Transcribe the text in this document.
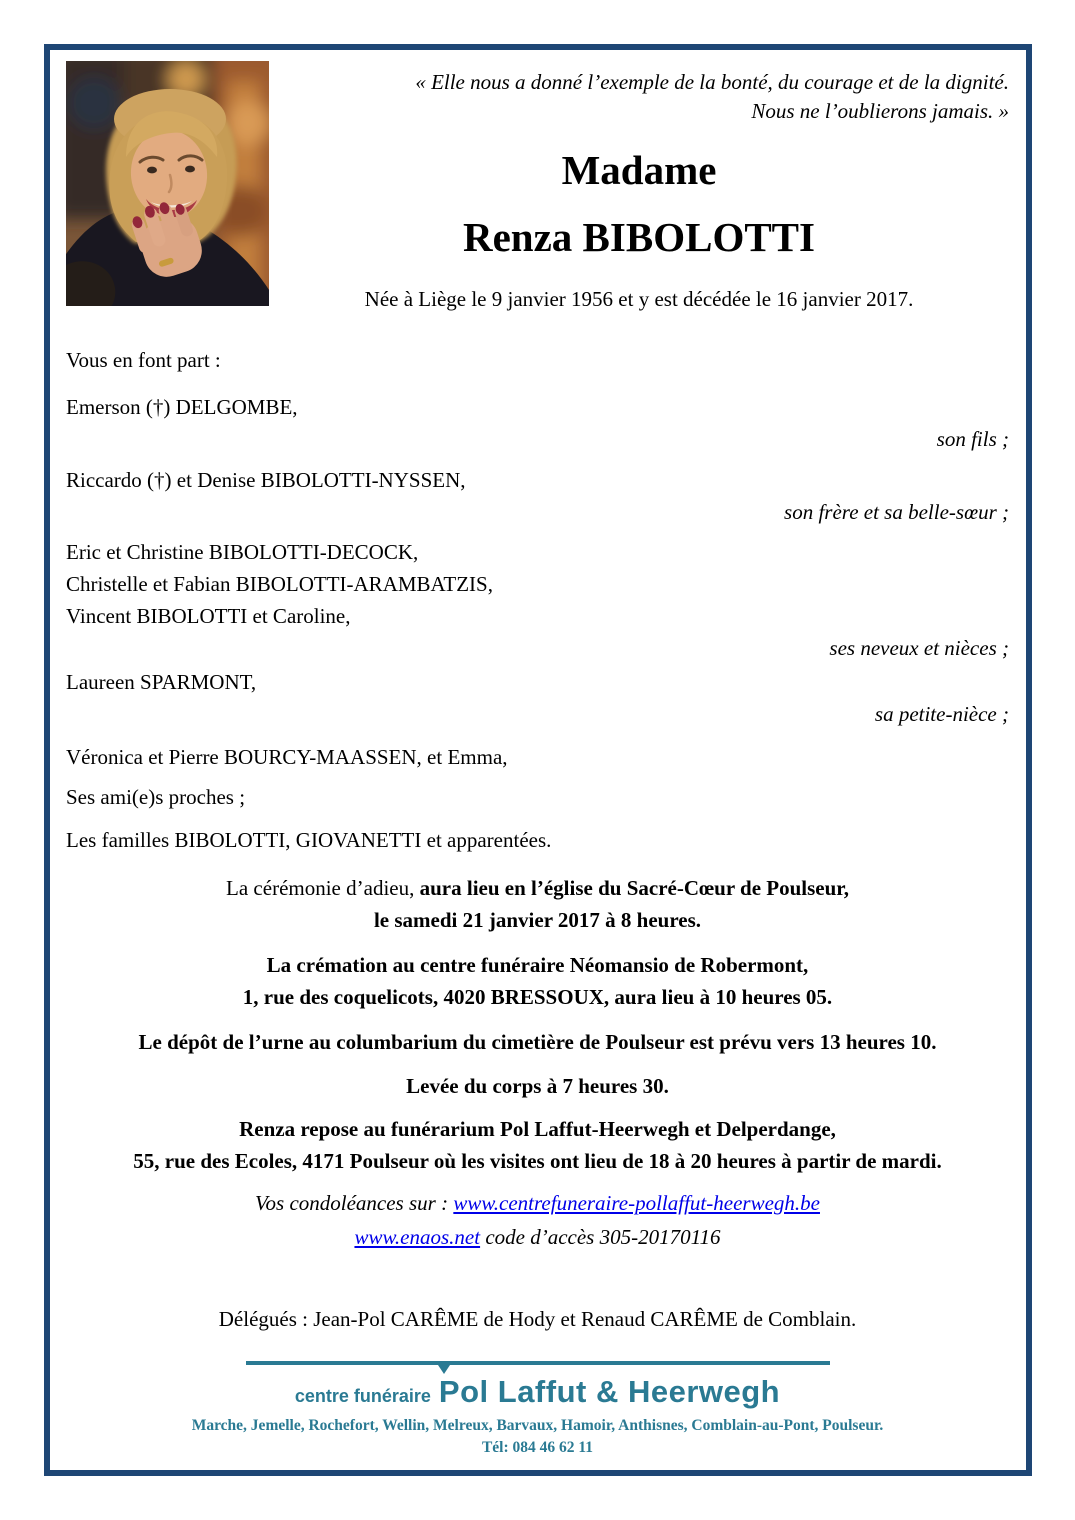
« Elle nous a donné l’exemple de la bonté, du courage et de la dignité.
Nous ne l’oublierons jamais. »
Madame
Renza BIBOLOTTI
Née à Liège le 9 janvier 1956 et y est décédée le 16 janvier 2017.

Vous en font part :

Emerson (†) DELGOMBE,

son fils ;

Riccardo (†) et Denise BIBOLOTTI-NYSSEN,

son frère et sa belle-sœur ;

Eric et Christine BIBOLOTTI-DECOCK,

Christelle et Fabian BIBOLOTTI-ARAMBATZIS,

Vincent BIBOLOTTI et Caroline,

ses neveux et nièces ;

Laureen SPARMONT,

sa petite-nièce ;

Véronica et Pierre BOURCY-MAASSEN, et Emma,

Ses ami(e)s proches ;

Les familles BIBOLOTTI, GIOVANETTI et apparentées.

La cérémonie d’adieu, aura lieu en l’église du Sacré-Cœur de Poulseur,
le samedi 21 janvier 2017 à 8 heures.

La crémation au centre funéraire Néomansio de Robermont,
1, rue des coquelicots, 4020 BRESSOUX, aura lieu à 10 heures 05.

Le dépôt de l’urne au columbarium du cimetière de Poulseur est prévu vers 13 heures 10.

Levée du corps à 7 heures 30.

Renza repose au funérarium Pol Laffut-Heerwegh et Delperdange,
55, rue des Ecoles, 4171 Poulseur où les visites ont lieu de 18 à 20 heures à partir de mardi.

Vos condoléances sur : www.centrefuneraire-pollaffut-heerwegh.be

www.enaos.net code d’accès 305-20170116

Délégués : Jean-Pol CARÊME de Hody et Renaud CARÊME de Comblain.

centre funéraire Pol Laffut & Heerwegh
Marche, Jemelle, Rochefort, Wellin, Melreux, Barvaux, Hamoir, Anthisnes, Comblain-au-Pont, Poulseur.
Tél: 084 46 62 11
